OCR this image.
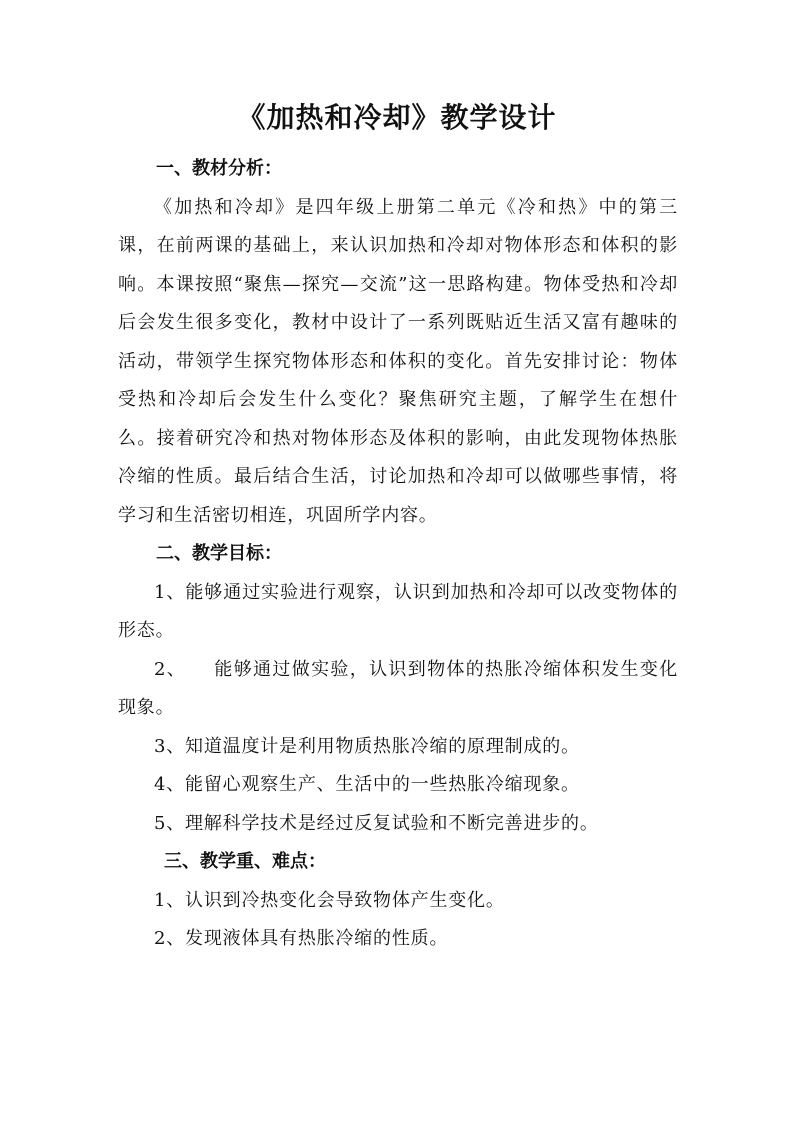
《加热和冷却》教学设计

一、教材分析：

《加热和冷却》是四年级上册第二单元《冷和热》中的第三课，在前两课的基础上，来认识加热和冷却对物体形态和体积的影响。本课按照“聚焦—探究—交流”这一思路构建。物体受热和冷却后会发生很多变化，教材中设计了一系列既贴近生活又富有趣味的活动，带领学生探究物体形态和体积的变化。首先安排讨论：物体受热和冷却后会发生什么变化？聚焦研究主题，了解学生在想什么。接着研究冷和热对物体形态及体积的影响，由此发现物体热胀冷缩的性质。最后结合生活，讨论加热和冷却可以做哪些事情，将学习和生活密切相连，巩固所学内容。

二、教学目标：

1、能够通过实验进行观察，认识到加热和冷却可以改变物体的形态。

2、    能够通过做实验，认识到物体的热胀冷缩体积发生变化现象。

3、知道温度计是利用物质热胀冷缩的原理制成的。

4、能留心观察生产、生活中的一些热胀冷缩现象。

5、理解科学技术是经过反复试验和不断完善进步的。

三、教学重、难点：

1、认识到冷热变化会导致物体产生变化。

2、发现液体具有热胀冷缩的性质。
